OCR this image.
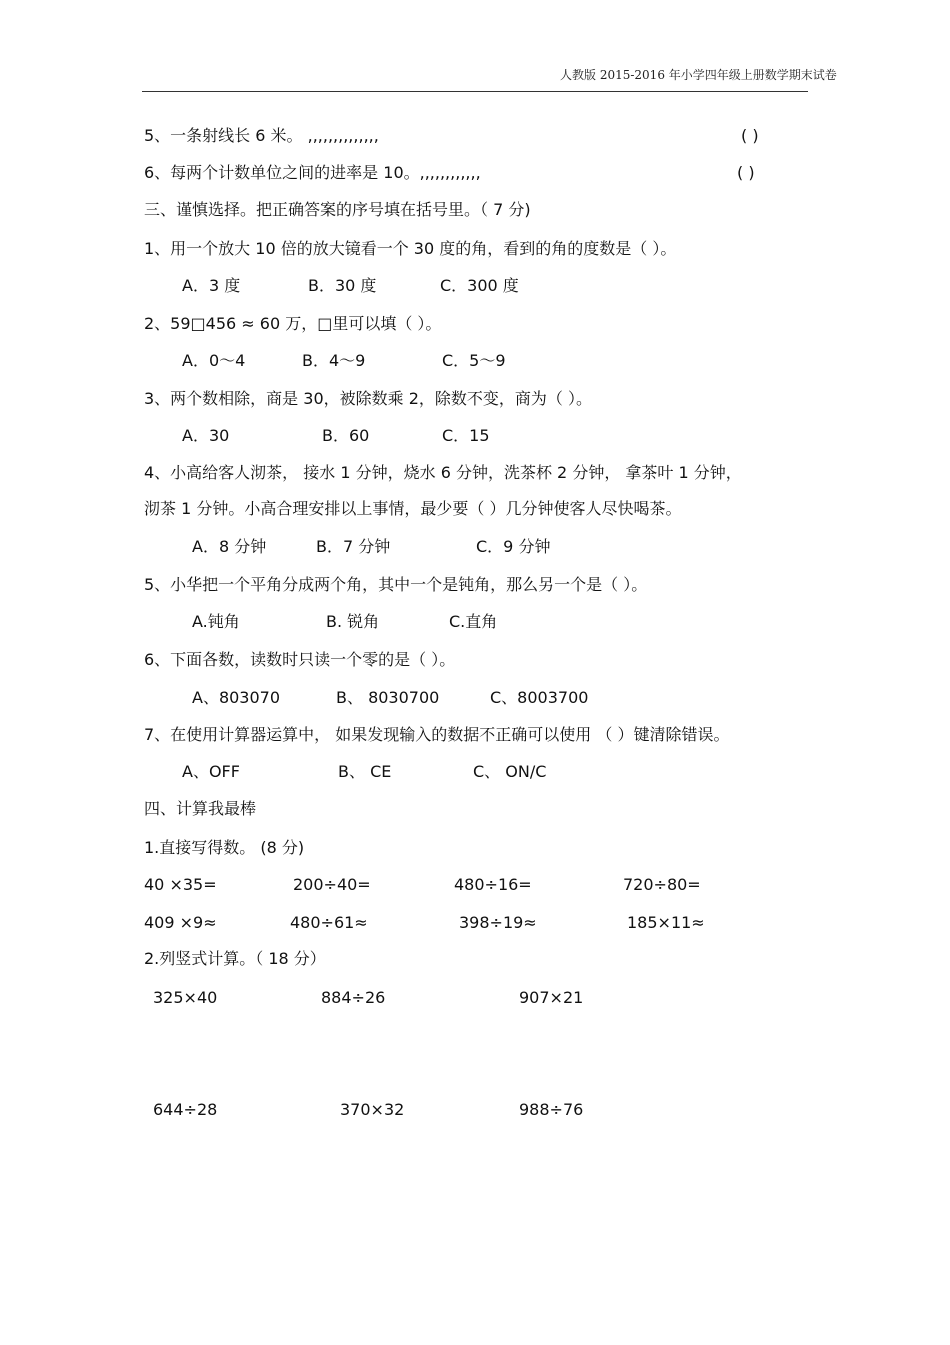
人教版 2015-2016 年小学四年级上册数学期末试卷
5、一条射线长 6 米。 ,,,,,,,,,,,,,,	( )
6、每两个计数单位之间的进率是 10。,,,,,,,,,,,,	( )
三、谨慎选择。把正确答案的序号填在括号里。（ 7 分)
1、用一个放大 10 倍的放大镜看一个 30 度的角，看到的角的度数是（ ）。
A．3 度	B．30 度	C．300 度
2、59□456 ≈ 60 万，□里可以填（ ）。
A．0～4	B．4～9	C．5～9
3、两个数相除，商是 30，被除数乘 2，除数不变，商为（ ）。
A．30	B．60	C．15
4、小高给客人沏茶， 接水 1 分钟，烧水 6 分钟，洗茶杯 2 分钟， 拿茶叶 1 分钟，
沏茶 1 分钟。小高合理安排以上事情，最少要（ ）几分钟使客人尽快喝茶。
A．8 分钟	B．7 分钟	C．9 分钟
5、小华把一个平角分成两个角，其中一个是钝角，那么另一个是（ ）。
A.钝角	B. 锐角	C.直角
6、下面各数，读数时只读一个零的是（ ）。
A、803070	B、 8030700	C、8003700
7、在使用计算器运算中， 如果发现输入的数据不正确可以使用 （ ）键清除错误。
A、OFF	B、 CE	C、 ON/C
四、计算我最棒
1.直接写得数。 (8 分)
40 ×35=	200÷40=	480÷16=	720÷80=
409 ×9≈	480÷61≈	398÷19≈	185×11≈
2.列竖式计算。（ 18 分）
325×40	884÷26	907×21
644÷28	370×32	988÷76
